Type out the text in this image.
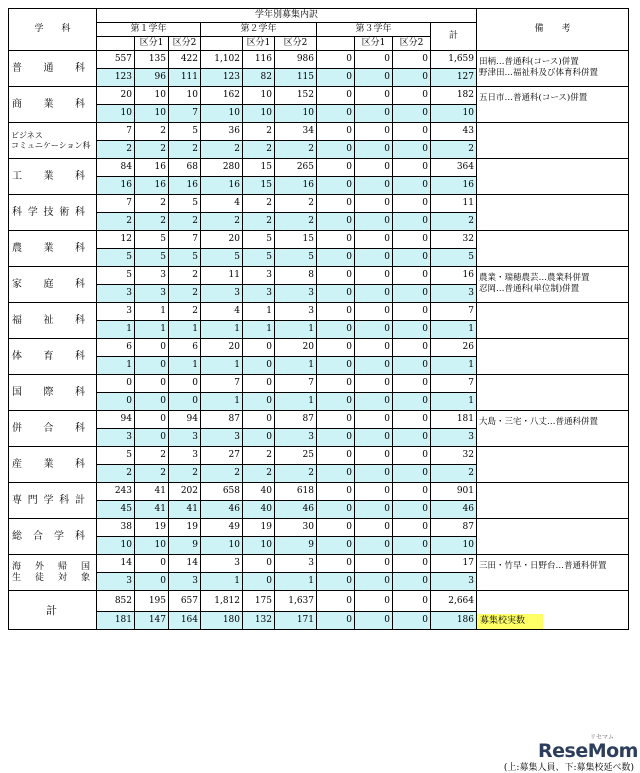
学　　科	学年別募集内訳										備　　考
	第１学年			第２学年			第３学年			計	
		区分1	区分2		区分1	区分2		区分1	区分2		
普　通　科	557	135	422	1,102	116	986	0	0	0	1,659	田柄…普通科(コース)併置
野津田…福祉科及び体育科併置
	123	96	111	123	82	115	0	0	0	127	
商　業　科	20	10	10	162	10	152	0	0	0	182	五日市…普通科(コース)併置
	10	10	7	10	10	10	0	0	0	10	
ビジネス
コミュニケーション科	7	2	5	36	2	34	0	0	0	43	
	2	2	2	2	2	2	0	0	0	2	
工　業　科	84	16	68	280	15	265	0	0	0	364	
	16	16	16	16	15	16	0	0	0	16	
科学技術科	7	2	5	4	2	2	0	0	0	11	
	2	2	2	2	2	2	0	0	0	2	
農　業　科	12	5	7	20	5	15	0	0	0	32	
	5	5	5	5	5	5	0	0	0	5	
家　庭　科	5	3	2	11	3	8	0	0	0	16	農業・瑞穂農芸…農業科併置
忍岡…普通科(単位制)併置
	3	3	2	3	3	3	0	0	0	3	
福　祉　科	3	1	2	4	1	3	0	0	0	7	
	1	1	1	1	1	1	0	0	0	1	
体　育　科	6	0	6	20	0	20	0	0	0	26	
	1	0	1	1	0	1	0	0	0	1	
国　際　科	0	0	0	7	0	7	0	0	0	7	
	0	0	0	1	0	1	0	0	0	1	
併　合　科	94	0	94	87	0	87	0	0	0	181	大島・三宅・八丈…普通科併置
	3	0	3	3	0	3	0	0	0	3	
産　業　科	5	2	3	27	2	25	0	0	0	32	
	2	2	2	2	2	2	0	0	0	2	
専門学科計	243	41	202	658	40	618	0	0	0	901	
	45	41	41	46	40	46	0	0	0	46	
総合学科	38	19	19	49	19	30	0	0	0	87	
	10	10	9	10	10	9	0	0	0	10	
海外帰国
生徒対象	14	0	14	3	0	3	0	0	0	17	三田・竹早・日野台…普通科併置
	3	0	3	1	0	1	0	0	0	3	
計	852	195	657	1,812	175	1,637	0	0	0	2,664	募集校実数

	181	147	164	180	132	171	0	0	0	186	
ReseMom
リセマム
(上:募集人員、下:募集校延べ数)
